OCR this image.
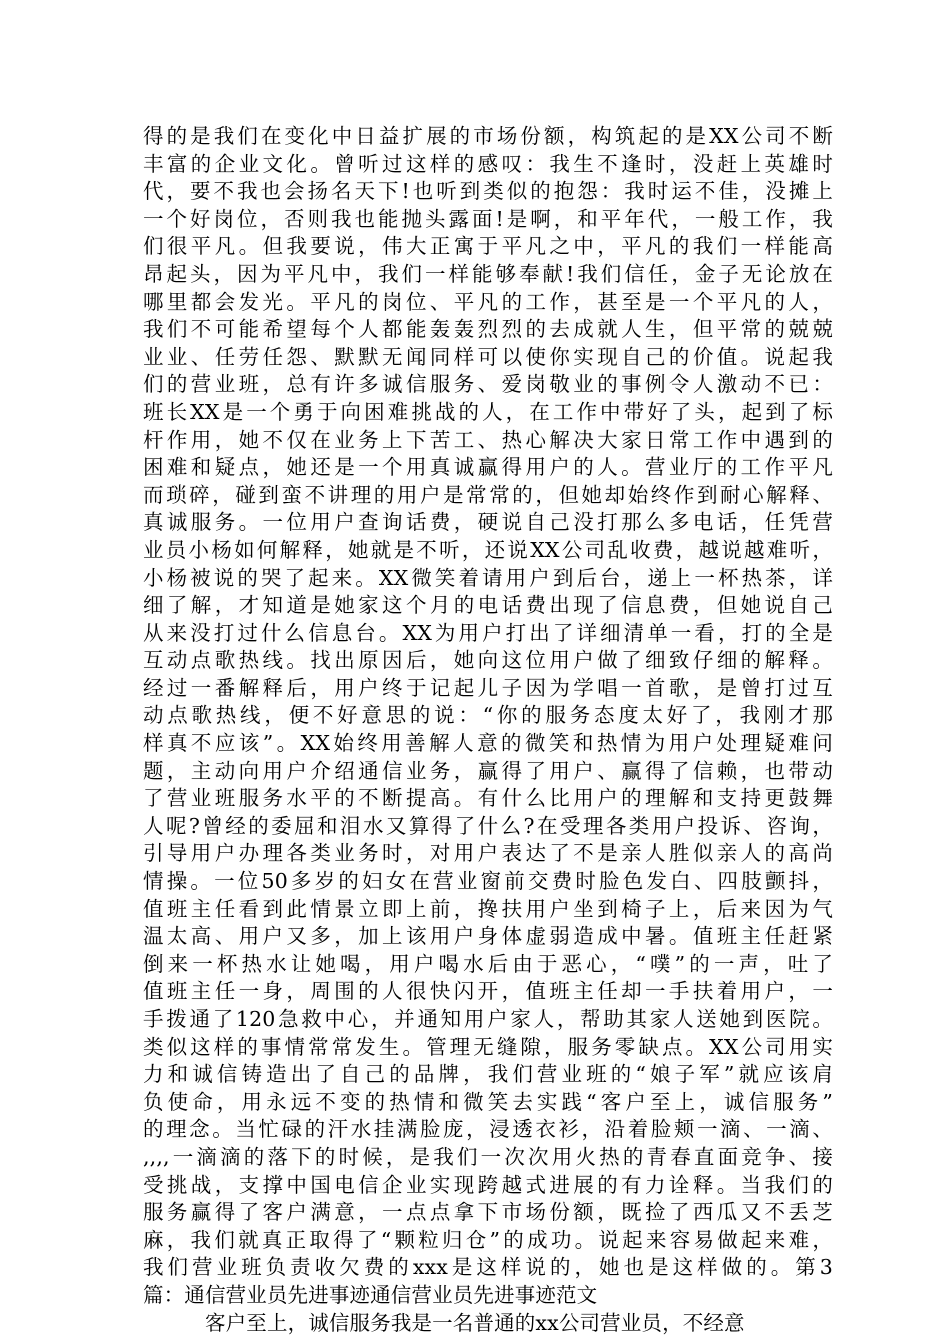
得的是我们在变化中日益扩展的市场份额，构筑起的是XX公司不断
丰富的企业文化。曾听过这样的感叹：我生不逢时，没赶上英雄时
代，要不我也会扬名天下!也听到类似的抱怨：我时运不佳，没摊上
一个好岗位，否则我也能抛头露面!是啊，和平年代，一般工作，我
们很平凡。但我要说，伟大正寓于平凡之中，平凡的我们一样能高
昂起头，因为平凡中，我们一样能够奉献!我们信任，金子无论放在
哪里都会发光。平凡的岗位、平凡的工作，甚至是一个平凡的人，
我们不可能希望每个人都能轰轰烈烈的去成就人生，但平常的兢兢
业业、任劳任怨、默默无闻同样可以使你实现自己的价值。说起我
们的营业班，总有许多诚信服务、爱岗敬业的事例令人激动不已：
班长XX是一个勇于向困难挑战的人，在工作中带好了头，起到了标
杆作用，她不仅在业务上下苦工、热心解决大家日常工作中遇到的
困难和疑点，她还是一个用真诚赢得用户的人。营业厅的工作平凡
而琐碎，碰到蛮不讲理的用户是常常的，但她却始终作到耐心解释、
真诚服务。一位用户查询话费，硬说自己没打那么多电话，任凭营
业员小杨如何解释，她就是不听，还说XX公司乱收费，越说越难听，
小杨被说的哭了起来。XX微笑着请用户到后台，递上一杯热茶，详
细了解，才知道是她家这个月的电话费出现了信息费，但她说自己
从来没打过什么信息台。XX为用户打出了详细清单一看，打的全是
互动点歌热线。找出原因后，她向这位用户做了细致仔细的解释。
经过一番解释后，用户终于记起儿子因为学唱一首歌，是曾打过互
动点歌热线，便不好意思的说：“你的服务态度太好了，我刚才那
样真不应该”。XX始终用善解人意的微笑和热情为用户处理疑难问
题，主动向用户介绍通信业务，赢得了用户、赢得了信赖，也带动
了营业班服务水平的不断提高。有什么比用户的理解和支持更鼓舞
人呢?曾经的委屈和泪水又算得了什么?在受理各类用户投诉、咨询，
引导用户办理各类业务时，对用户表达了不是亲人胜似亲人的高尚
情操。一位50多岁的妇女在营业窗前交费时脸色发白、四肢颤抖，
值班主任看到此情景立即上前，搀扶用户坐到椅子上，后来因为气
温太高、用户又多，加上该用户身体虚弱造成中暑。值班主任赶紧
倒来一杯热水让她喝，用户喝水后由于恶心，“噗”的一声，吐了
值班主任一身，周围的人很快闪开，值班主任却一手扶着用户，一
手拨通了120急救中心，并通知用户家人，帮助其家人送她到医院。
类似这样的事情常常发生。管理无缝隙，服务零缺点。XX公司用实
力和诚信铸造出了自己的品牌，我们营业班的“娘子军”就应该肩
负使命，用永远不变的热情和微笑去实践“客户至上，诚信服务”
的理念。当忙碌的汗水挂满脸庞，浸透衣衫，沿着脸颊一滴、一滴、
,,,,一滴滴的落下的时候，是我们一次次用火热的青春直面竞争、接
受挑战，支撑中国电信企业实现跨越式进展的有力诠释。当我们的
服务赢得了客户满意，一点点拿下市场份额，既捡了西瓜又不丢芝
麻，我们就真正取得了“颗粒归仓”的成功。说起来容易做起来难，
我们营业班负责收欠费的xxx是这样说的，她也是这样做的。第3
篇：通信营业员先进事迹通信营业员先进事迹范文
客户至上，诚信服务我是一名普通的xx公司营业员，不经意
